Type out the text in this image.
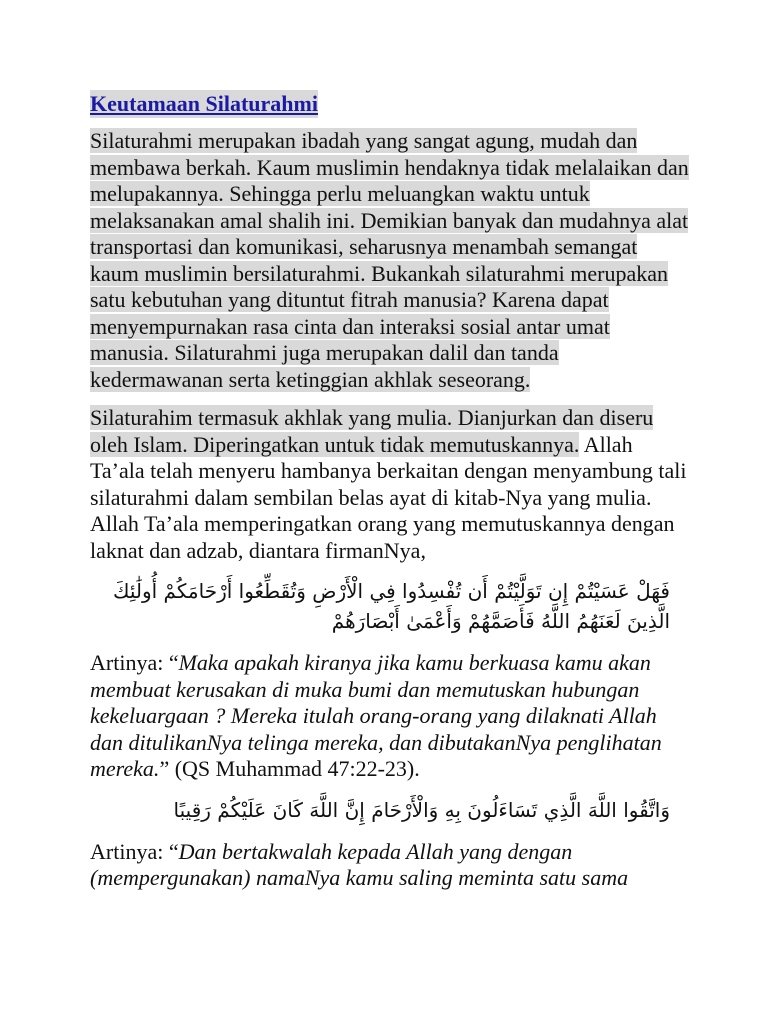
Keutamaan Silaturahmi

Silaturahmi merupakan ibadah yang sangat agung, mudah dan membawa berkah. Kaum muslimin hendaknya tidak melalaikan dan melupakannya. Sehingga perlu meluangkan waktu untuk melaksanakan amal shalih ini. Demikian banyak dan mudahnya alat transportasi dan komunikasi, seharusnya menambah semangat kaum muslimin bersilaturahmi. Bukankah silaturahmi merupakan satu kebutuhan yang dituntut fitrah manusia? Karena dapat menyempurnakan rasa cinta dan interaksi sosial antar umat manusia. Silaturahmi juga merupakan dalil dan tanda kedermawanan serta ketinggian akhlak seseorang.

Silaturahim termasuk akhlak yang mulia. Dianjurkan dan diseru oleh Islam. Diperingatkan untuk tidak memutuskannya. Allah Ta’ala telah menyeru hambanya berkaitan dengan menyambung tali silaturahmi dalam sembilan belas ayat di kitab-Nya yang mulia. Allah Ta’ala memperingatkan orang yang memutuskannya dengan laknat dan adzab, diantara firmanNya,

فَهَلْ عَسَيْتُمْ إِن تَوَلَّيْتُمْ أَن تُفْسِدُوا فِي الْأَرْضِ وَتُقَطِّعُوا أَرْحَامَكُمْ أُولَٰئِكَ الَّذِينَ لَعَنَهُمُ اللَّهُ فَأَصَمَّهُمْ وَأَعْمَىٰ أَبْصَارَهُمْ

Artinya: “Maka apakah kiranya jika kamu berkuasa kamu akan membuat kerusakan di muka bumi dan memutuskan hubungan kekeluargaan ? Mereka itulah orang-orang yang dilaknati Allah dan ditulikanNya telinga mereka, dan dibutakanNya penglihatan mereka.” (QS Muhammad 47:22-23).

وَاتَّقُوا اللَّهَ الَّذِي تَسَاءَلُونَ بِهِ وَالْأَرْحَامَ إِنَّ اللَّهَ كَانَ عَلَيْكُمْ رَقِيبًا

Artinya: “Dan bertakwalah kepada Allah yang dengan (mempergunakan) namaNya kamu saling meminta satu sama
